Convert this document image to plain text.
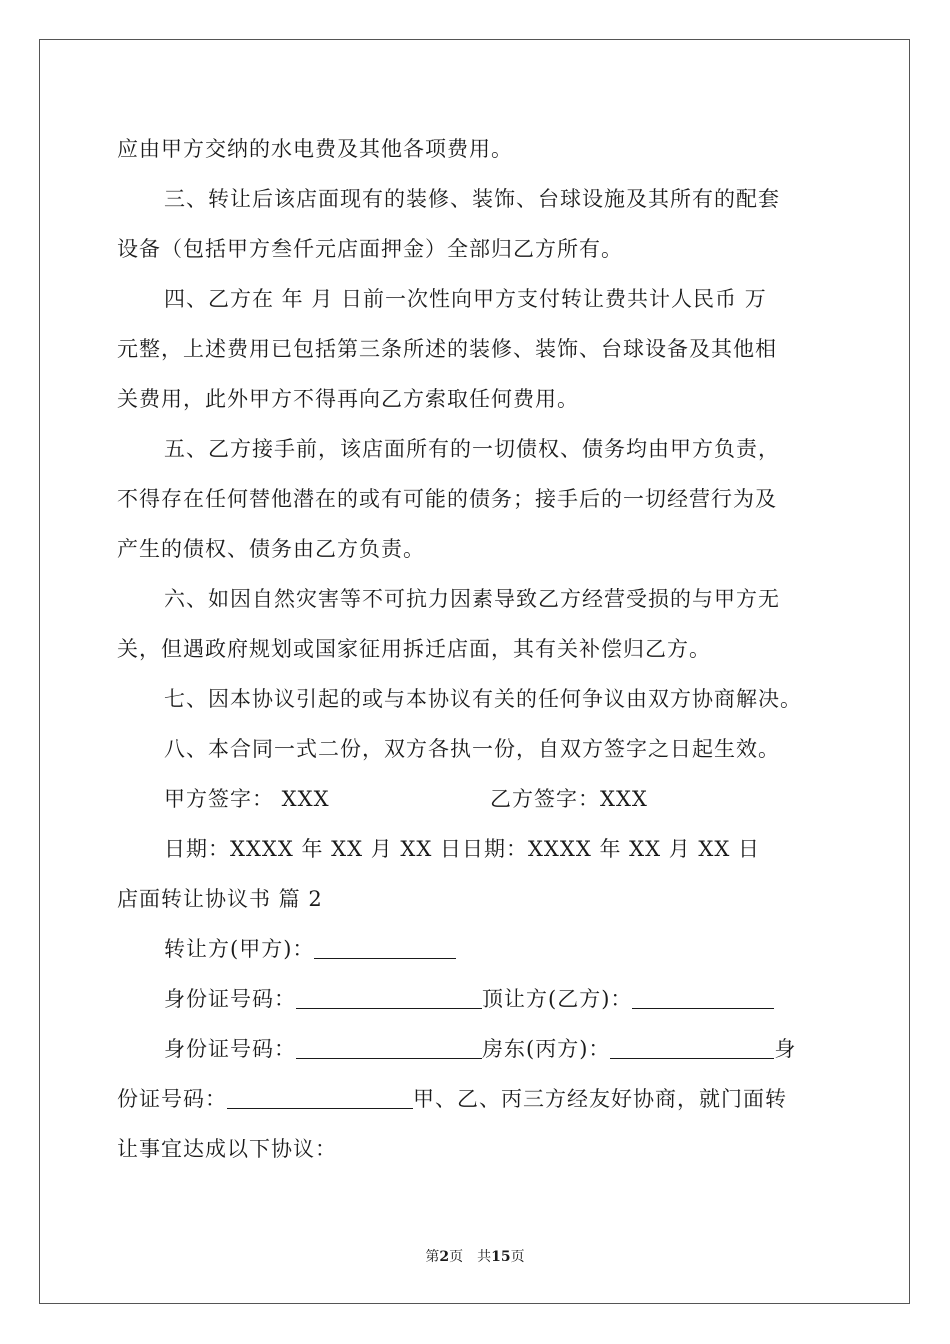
应由甲方交纳的水电费及其他各项费用。
三、转让后该店面现有的装修、装饰、台球设施及其所有的配套
设备（包括甲方叁仟元店面押金）全部归乙方所有。
四、乙方在 年 月 日前一次性向甲方支付转让费共计人民币 万
元整，上述费用已包括第三条所述的装修、装饰、台球设备及其他相
关费用，此外甲方不得再向乙方索取任何费用。
五、乙方接手前，该店面所有的一切债权、债务均由甲方负责，
不得存在任何替他潜在的或有可能的债务；接手后的一切经营行为及
产生的债权、债务由乙方负责。
六、如因自然灾害等不可抗力因素导致乙方经营受损的与甲方无
关，但遇政府规划或国家征用拆迁店面，其有关补偿归乙方。
七、因本协议引起的或与本协议有关的任何争议由双方协商解决。
八、本合同一式二份，双方各执一份，自双方签字之日起生效。
甲方签字： XXX	乙方签字：XXX
日期：XXXX 年 XX 月 XX 日日期：XXXX 年 XX 月 XX 日
店面转让协议书 篇 2
转让方(甲方)：
身份证号码：	顶让方(乙方)：
身份证号码：	房东(丙方)：	身
份证号码：	甲、乙、丙三方经友好协商，就门面转
让事宜达成以下协议：
第2页 共15页
